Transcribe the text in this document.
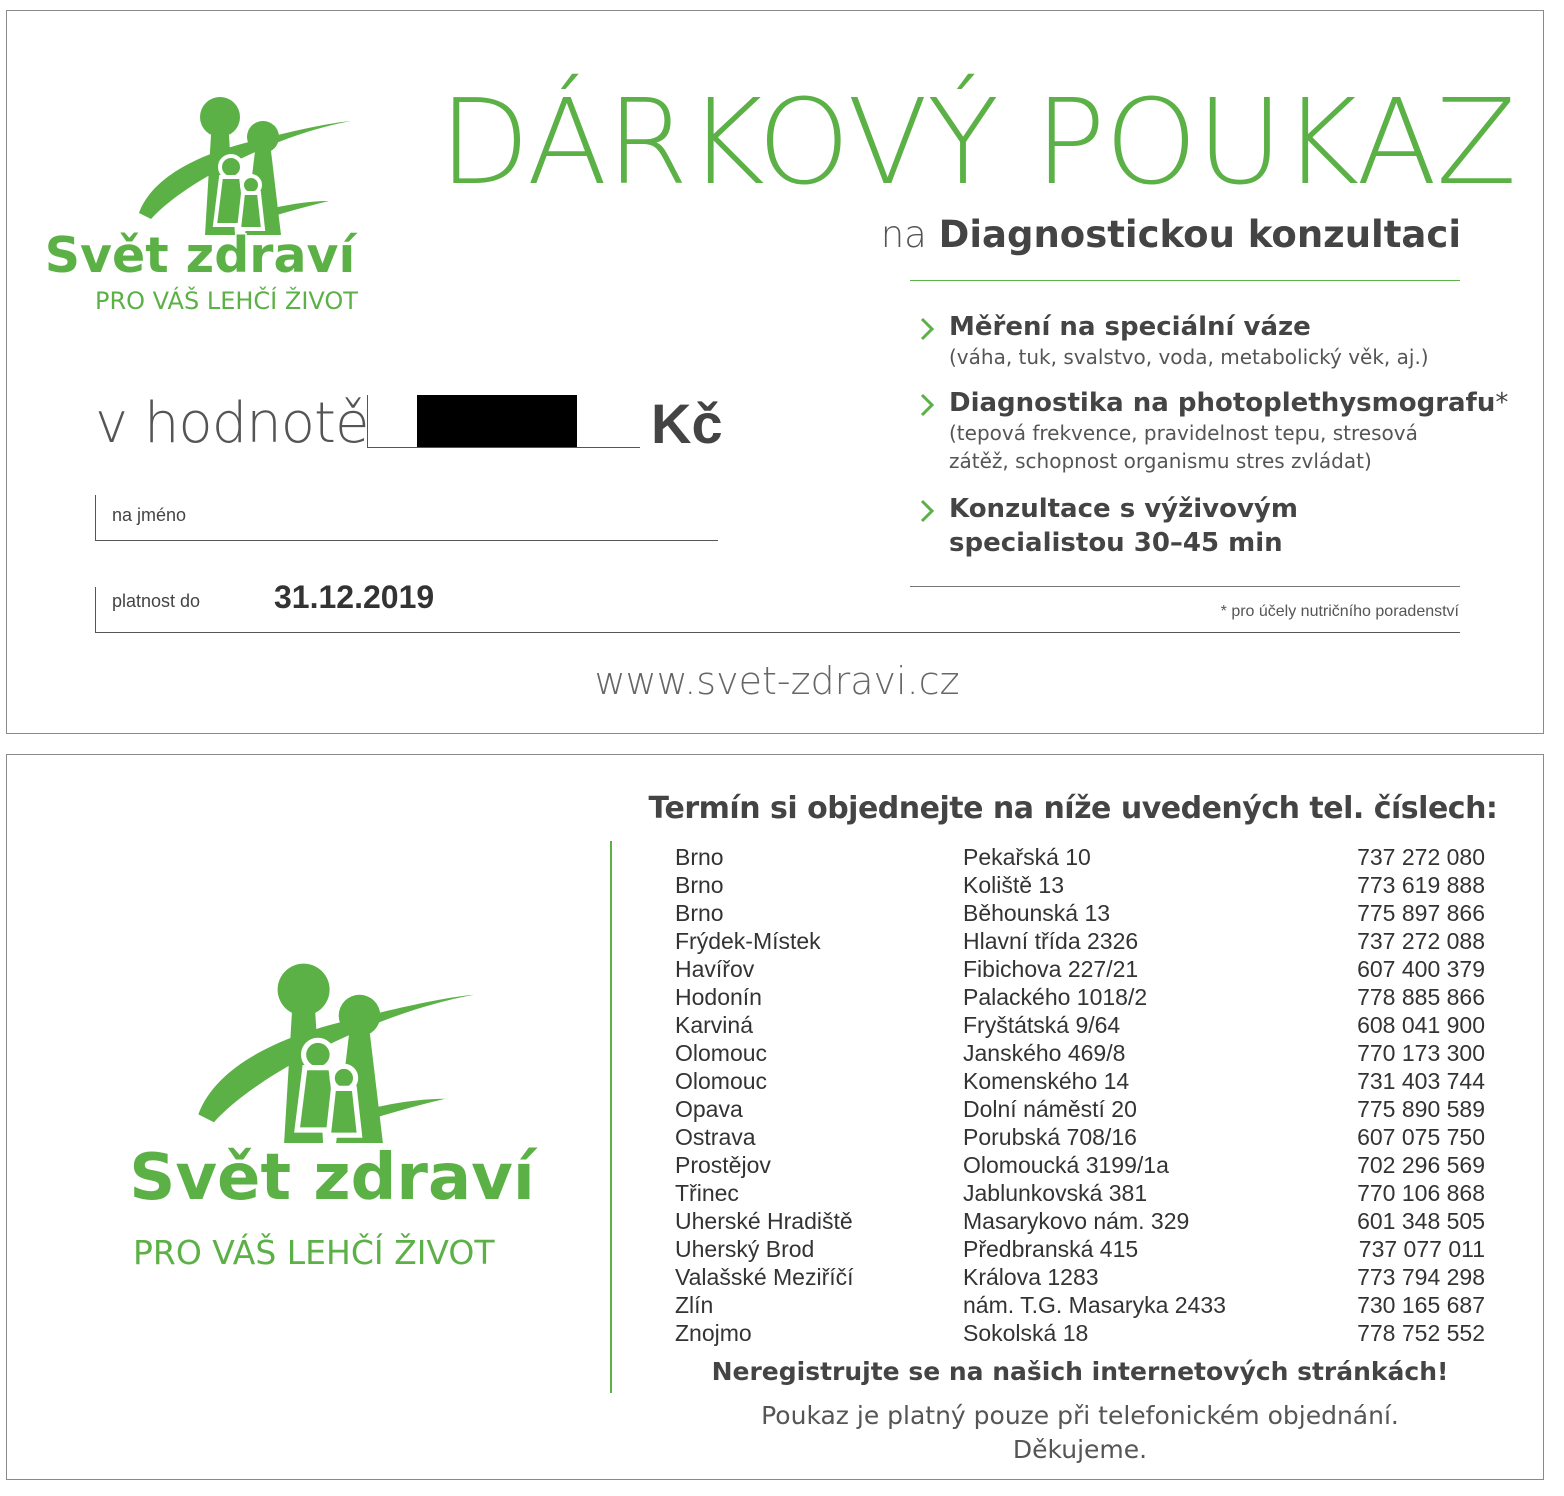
Svět zdraví
PRO VÁŠ LEHČÍ ŽIVOT
DÁRKOVÝ POUKAZ
na Diagnostickou konzultaci
Měření na speciální váze
(váha, tuk, svalstvo, voda, metabolický věk, aj.)
Diagnostika na photoplethysmografu*
(tepová frekvence, pravidelnost tepu, stresová
zátěž, schopnost organismu stres zvládat)
Konzultace s výživovým
specialistou 30–45 min
* pro účely nutričního poradenství
v hodnotě	Kč
na jméno
platnost do 31.12.2019
www.svet-zdravi.cz
Svět zdraví
PRO VÁŠ LEHČÍ ŽIVOT
Termín si objednejte na níže uvedených tel. číslech:
Brno	Pekařská 10	737 272 080
Brno	Koliště 13	773 619 888
Brno	Běhounská 13	775 897 866
Frýdek-Místek	Hlavní třída 2326	737 272 088
Havířov	Fibichova 227/21	607 400 379
Hodonín	Palackého 1018/2	778 885 866
Karviná	Fryštátská 9/64	608 041 900
Olomouc	Janského 469/8	770 173 300
Olomouc	Komenského 14	731 403 744
Opava	Dolní náměstí 20	775 890 589
Ostrava	Porubská 708/16	607 075 750
Prostějov	Olomoucká 3199/1a	702 296 569
Třinec	Jablunkovská 381	770 106 868
Uherské Hradiště	Masarykovo nám. 329	601 348 505
Uherský Brod	Předbranská 415	737 077 011
Valašské Meziříčí	Králova 1283	773 794 298
Zlín	nám. T.G. Masaryka 2433	730 165 687
Znojmo	Sokolská 18	778 752 552
Neregistrujte se na našich internetových stránkách!
Poukaz je platný pouze při telefonickém objednání.
Děkujeme.
